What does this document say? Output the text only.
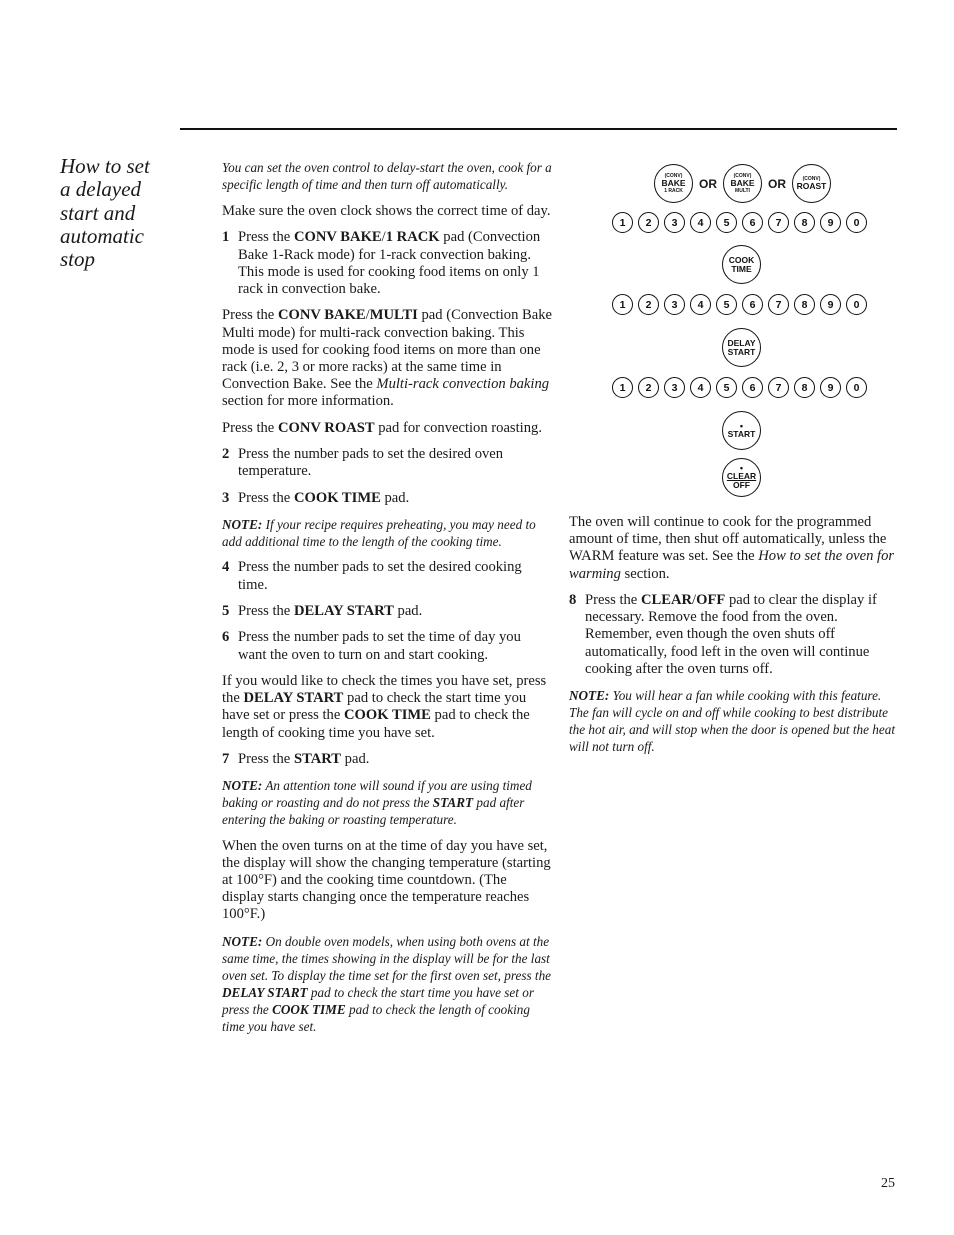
How to set
a delayed
start and
automatic
stop

You can set the oven control to delay-start the oven, cook for a specific length of time and then turn off automatically.

Make sure the oven clock shows the correct time of day.

1 Press the CONV BAKE/1 RACK pad (Convection Bake 1-Rack mode) for 1-rack convection baking. This mode is used for cooking food items on only 1 rack in convection bake.

Press the CONV BAKE/MULTI pad (Convection Bake Multi mode) for multi-rack convection baking. This mode is used for cooking food items on more than one rack (i.e. 2, 3 or more racks) at the same time in Convection Bake. See the Multi-rack convection baking section for more information.

Press the CONV ROAST pad for convection roasting.

2 Press the number pads to set the desired oven temperature.
3 Press the COOK TIME pad.

NOTE: If your recipe requires preheating, you may need to add additional time to the length of the cooking time.

4 Press the number pads to set the desired cooking time.
5 Press the DELAY START pad.
6 Press the number pads to set the time of day you want the oven to turn on and start cooking.

If you would like to check the times you have set, press the DELAY START pad to check the start time you have set or press the COOK TIME pad to check the length of cooking time you have set.

7 Press the START pad.

NOTE: An attention tone will sound if you are using timed baking or roasting and do not press the START pad after entering the baking or roasting temperature.

When the oven turns on at the time of day you have set, the display will show the changing temperature (starting at 100°F) and the cooking time countdown. (The display starts changing once the temperature reaches 100°F.)

NOTE: On double oven models, when using both ovens at the same time, the times showing in the display will be for the last oven set. To display the time set for the first oven set, press the DELAY START pad to check the start time you have set or press the COOK TIME pad to check the length of cooking time you have set.

(CONV)
BAKE
1 RACK
OR
(CONV)
BAKE
MULTI
OR	(CONV)
ROAST
1	2	3	4	5	6	7	8	9	0
COOK
TIME
1	2	3	4	5	6	7	8	9	0
DELAY
START
1	2	3	4	5	6	7	8	9	0
•
START
•
CLEAR
OFF

The oven will continue to cook for the programmed amount of time, then shut off automatically, unless the WARM feature was set. See the How to set the oven for warming section.

8 Press the CLEAR/OFF pad to clear the display if necessary. Remove the food from the oven. Remember, even though the oven shuts off automatically, food left in the oven will continue cooking after the oven turns off.

NOTE: You will hear a fan while cooking with this feature. The fan will cycle on and off while cooking to best distribute the hot air, and will stop when the door is opened but the heat will not turn off.

25
